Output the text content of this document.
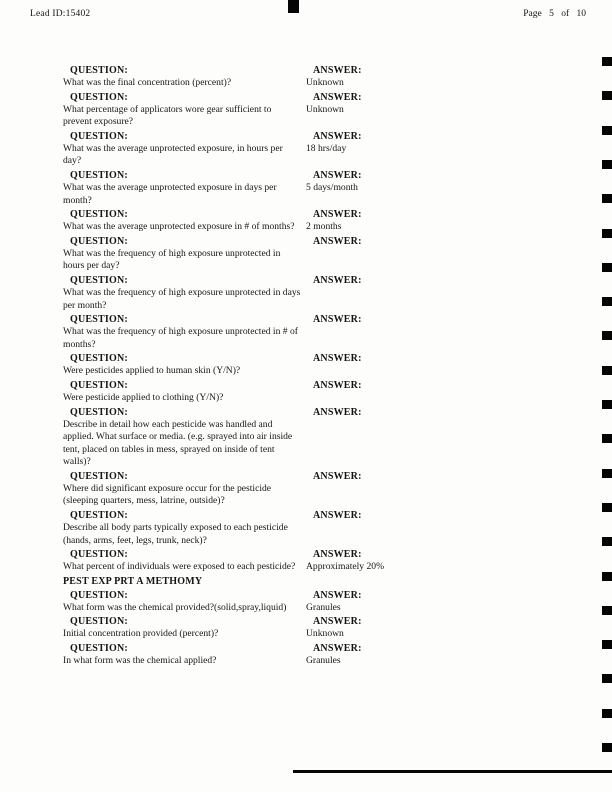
Lead ID:15402	Page 5 of 10
QUESTION:
What was the final concentration (percent)?
ANSWER:
Unknown
QUESTION:
What percentage of applicators wore gear sufficient to prevent exposure?
ANSWER:
Unknown
QUESTION:
What was the average unprotected exposure, in hours per day?
ANSWER:
18 hrs/day
QUESTION:
What was the average unprotected exposure in days per month?
ANSWER:
5 days/month
QUESTION:
What was the average unprotected exposure in # of months?
ANSWER:
2 months
QUESTION:
What was the frequency of high exposure unprotected in hours per day?
ANSWER:
QUESTION:
What was the frequency of high exposure unprotected in days per month?
ANSWER:
QUESTION:
What was the frequency of high exposure unprotected in # of months?
ANSWER:
QUESTION:
Were pesticides applied to human skin (Y/N)?
ANSWER:
QUESTION:
Were pesticide applied to clothing (Y/N)?
ANSWER:
QUESTION:
Describe in detail how each pesticide was handled and applied. What surface or media. (e.g. sprayed into air inside tent, placed on tables in mess, sprayed on inside of tent walls)?
ANSWER:
QUESTION:
Where did significant exposure occur for the pesticide (sleeping quarters, mess, latrine, outside)?
ANSWER:
QUESTION:
Describe all body parts typically exposed to each pesticide (hands, arms, feet, legs, trunk, neck)?
ANSWER:
QUESTION:
What percent of individuals were exposed to each pesticide?
ANSWER:
Approximately 20%
PEST EXP PRT A METHOMY
QUESTION:
What form was the chemical provided?(solid,spray,liquid)
ANSWER:
Granules
QUESTION:
Initial concentration provided (percent)?
ANSWER:
Unknown
QUESTION:
In what form was the chemical applied?
ANSWER:
Granules
